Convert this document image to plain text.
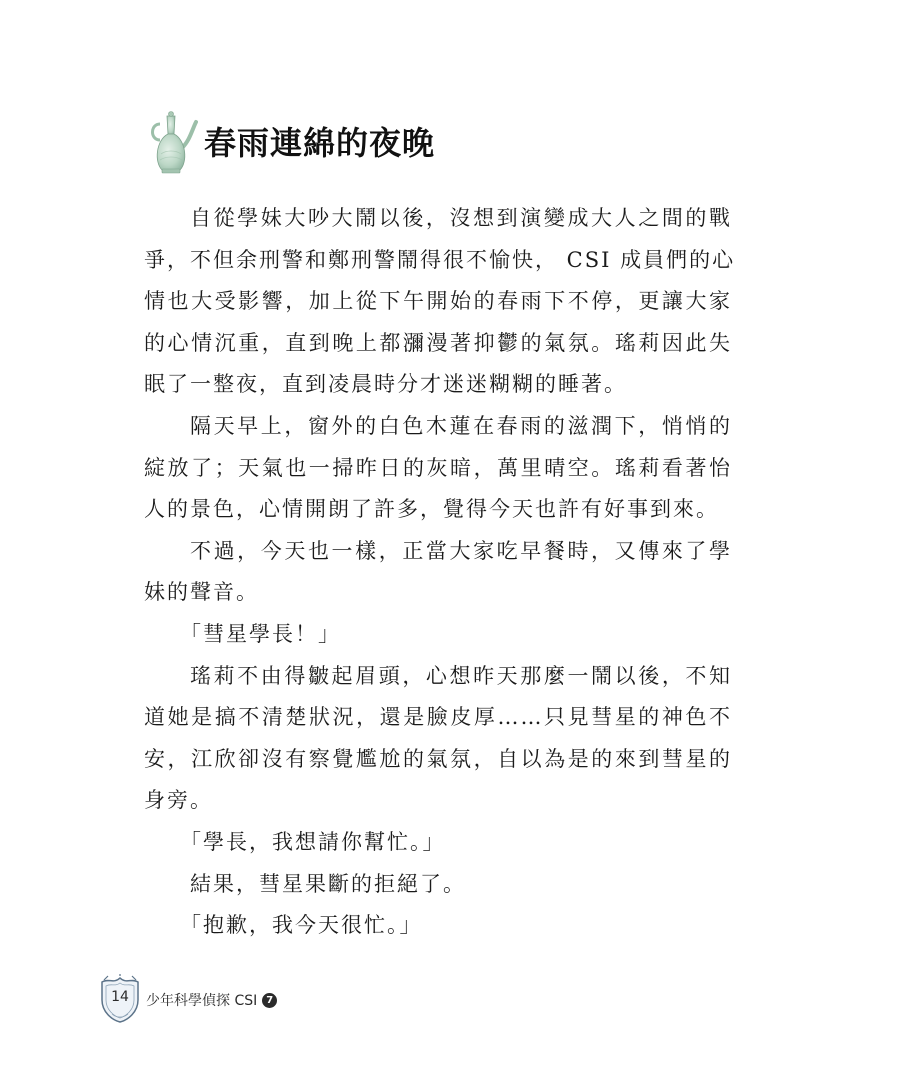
春雨連綿的夜晚
自從學妹大吵大鬧以後，沒想到演變成大人之間的戰
爭，不但余刑警和鄭刑警鬧得很不愉快， CSI 成員們的心
情也大受影響，加上從下午開始的春雨下不停，更讓大家
的心情沉重，直到晚上都瀰漫著抑鬱的氣氛。瑤莉因此失
眠了一整夜，直到凌晨時分才迷迷糊糊的睡著。
隔天早上，窗外的白色木蓮在春雨的滋潤下，悄悄的
綻放了；天氣也一掃昨日的灰暗，萬里晴空。瑤莉看著怡
人的景色，心情開朗了許多，覺得今天也許有好事到來。
不過，今天也一樣，正當大家吃早餐時，又傳來了學
妹的聲音。
「彗星學長！」
瑤莉不由得皺起眉頭，心想昨天那麼一鬧以後，不知
道她是搞不清楚狀況，還是臉皮厚……只見彗星的神色不
安，江欣卻沒有察覺尷尬的氣氛，自以為是的來到彗星的
身旁。
「學長，我想請你幫忙。」
結果，彗星果斷的拒絕了。
「抱歉，我今天很忙。」
14	少年科學偵探 CSI 7
